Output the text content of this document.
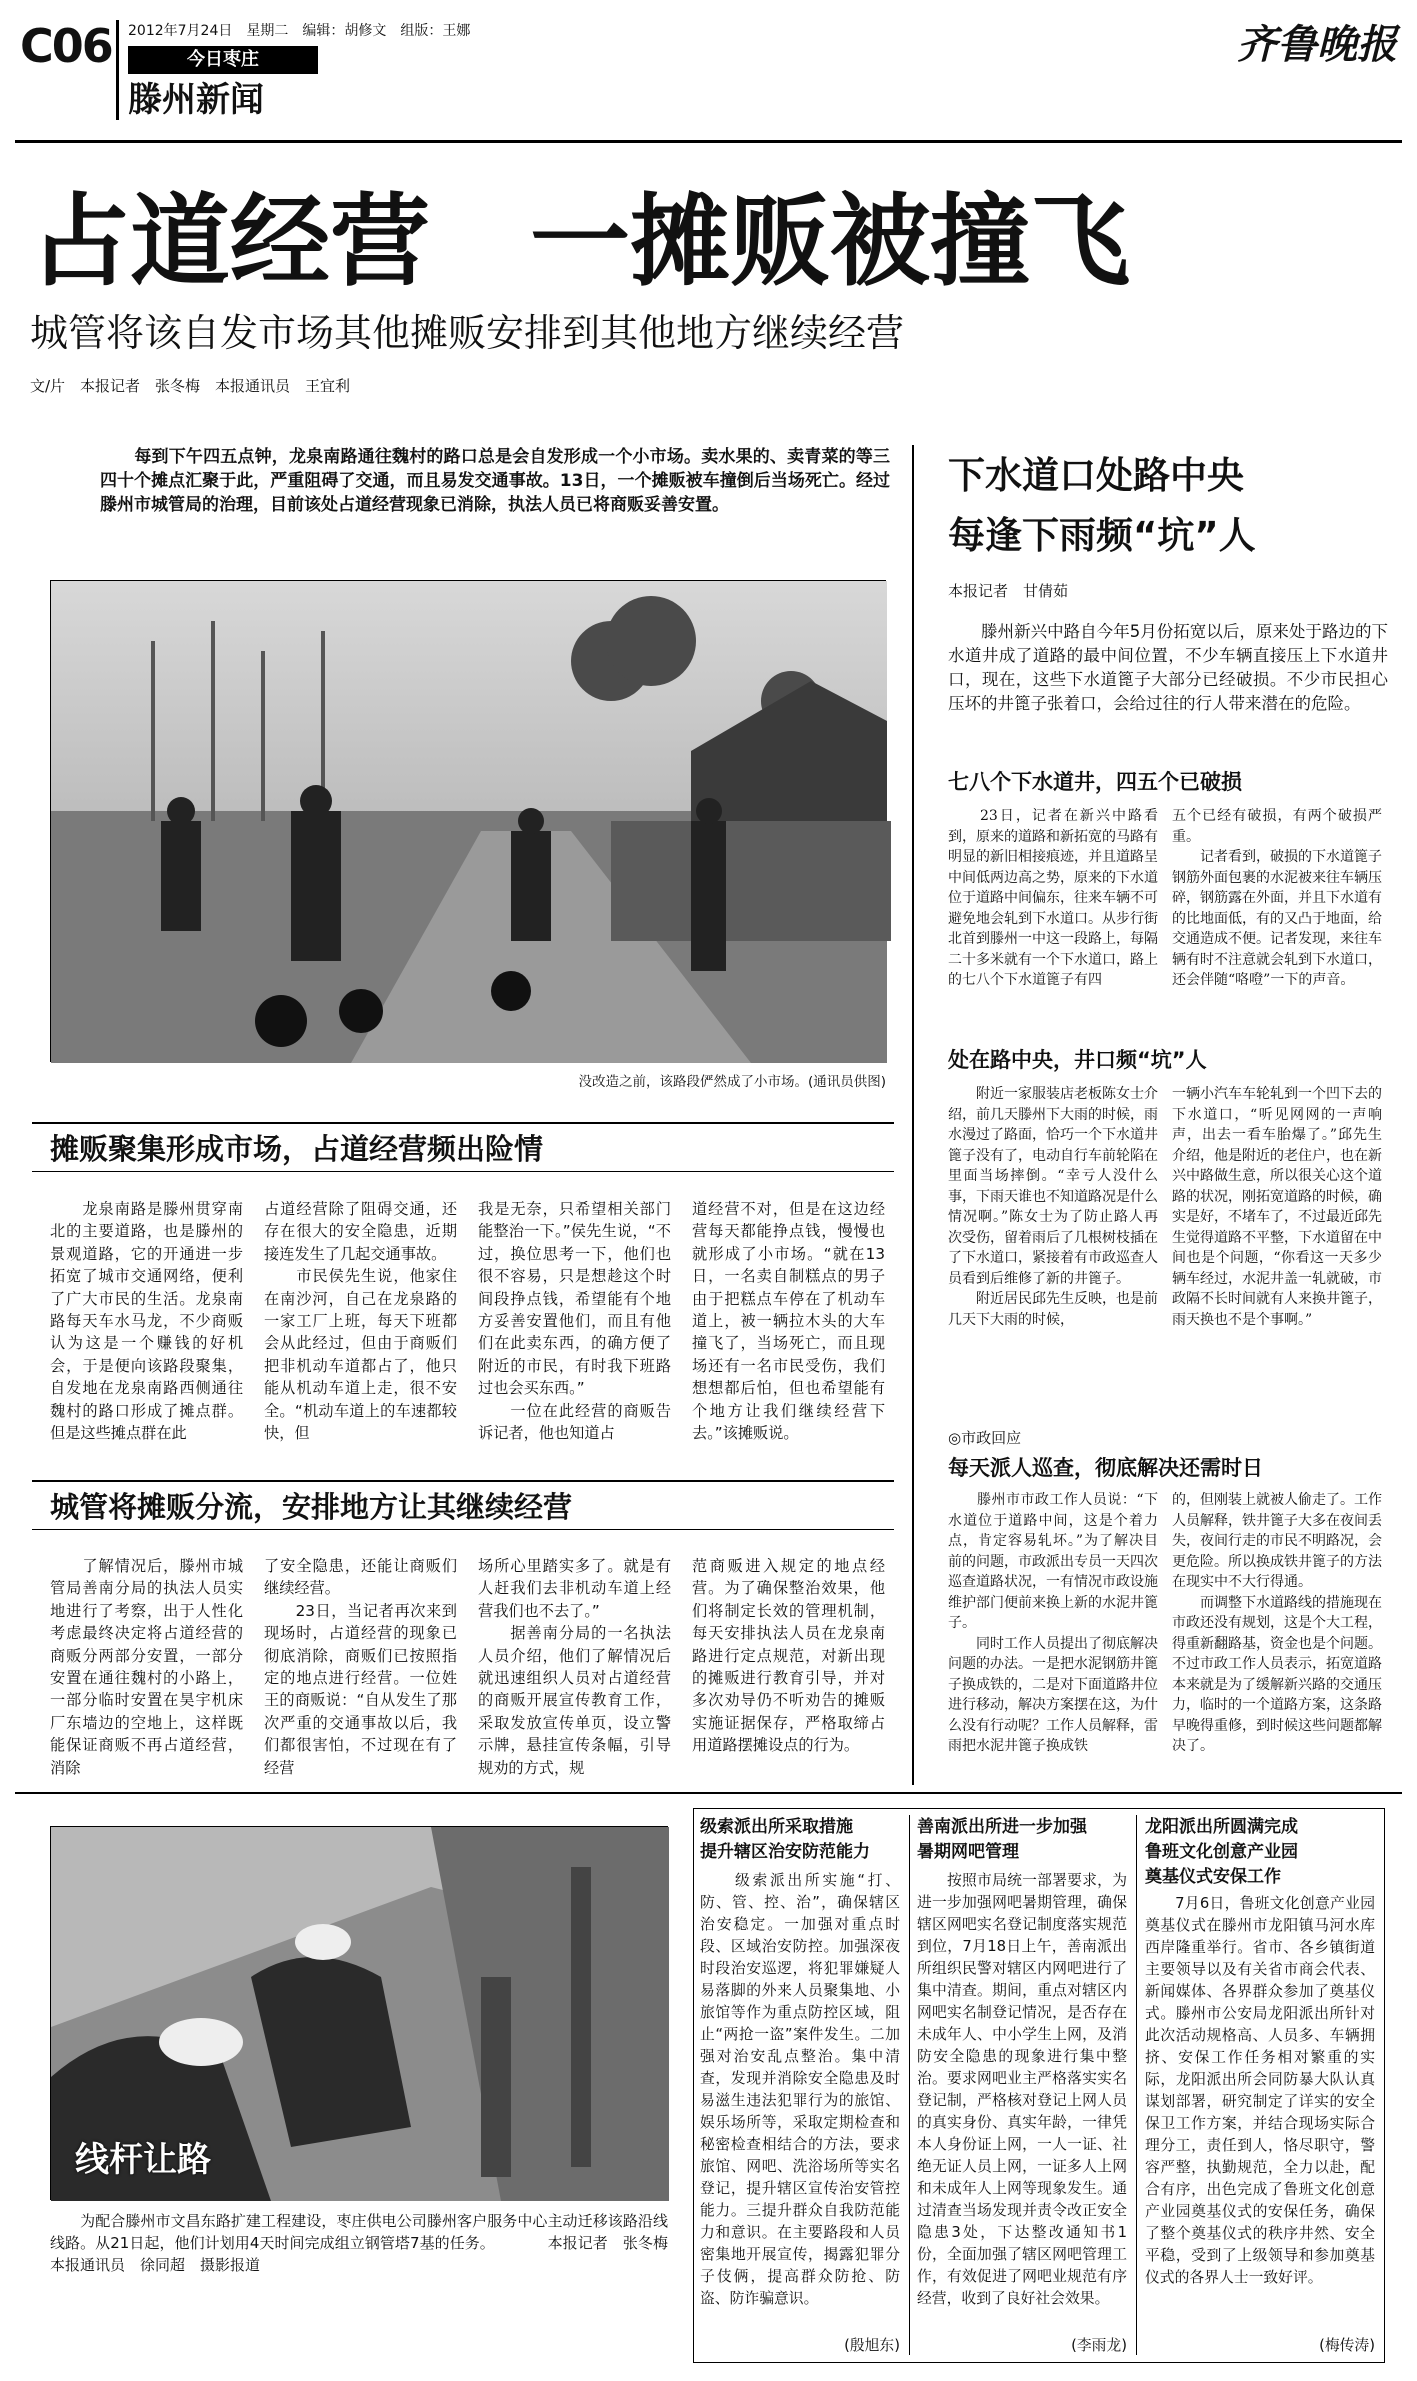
C06 2012年7月24日　星期二　编辑：胡修文　组版：王娜
今日枣庄
滕州新闻
齐鲁晚报
占道经营　一摊贩被撞飞
城管将该自发市场其他摊贩安排到其他地方继续经营
文/片　本报记者　张冬梅　本报通讯员　王宜利
　　每到下午四五点钟，龙泉南路通往魏村的路口总是会自发形成一个小市场。卖水果的、卖青菜的等三四十个摊点汇聚于此，严重阻碍了交通，而且易发交通事故。13日，一个摊贩被车撞倒后当场死亡。经过滕州市城管局的治理，目前该处占道经营现象已消除，执法人员已将商贩妥善安置。
没改造之前，该路段俨然成了小市场。(通讯员供图)
摊贩聚集形成市场，占道经营频出险情
　　龙泉南路是滕州贯穿南北的主要道路，也是滕州的景观道路，它的开通进一步拓宽了城市交通网络，便利了广大市民的生活。龙泉南路每天车水马龙，不少商贩认为这是一个赚钱的好机会，于是便向该路段聚集，自发地在龙泉南路西侧通往魏村的路口形成了摊点群。但是这些摊点群在此
占道经营除了阻碍交通，还存在很大的安全隐患，近期接连发生了几起交通事故。
　　市民侯先生说，他家住在南沙河，自己在龙泉路的一家工厂上班，每天下班都会从此经过，但由于商贩们把非机动车道都占了，他只能从机动车道上走，很不安全。“机动车道上的车速都较快，但
我是无奈，只希望相关部门能整治一下。”侯先生说，“不过，换位思考一下，他们也很不容易，只是想趁这个时间段挣点钱，希望能有个地方妥善安置他们，而且有他们在此卖东西，的确方便了附近的市民，有时我下班路过也会买东西。”
　　一位在此经营的商贩告诉记者，他也知道占
道经营不对，但是在这边经营每天都能挣点钱，慢慢也就形成了小市场。“就在13日，一名卖自制糕点的男子由于把糕点车停在了机动车道上，被一辆拉木头的大车撞飞了，当场死亡，而且现场还有一名市民受伤，我们想想都后怕，但也希望能有个地方让我们继续经营下去。”该摊贩说。
城管将摊贩分流，安排地方让其继续经营
　　了解情况后，滕州市城管局善南分局的执法人员实地进行了考察，出于人性化考虑最终决定将占道经营的商贩分两部分安置，一部分安置在通往魏村的小路上，一部分临时安置在昊宇机床厂东墙边的空地上，这样既能保证商贩不再占道经营，消除
了安全隐患，还能让商贩们继续经营。
　　23日，当记者再次来到现场时，占道经营的现象已彻底消除，商贩们已按照指定的地点进行经营。一位姓王的商贩说：“自从发生了那次严重的交通事故以后，我们都很害怕，不过现在有了经营
场所心里踏实多了。就是有人赶我们去非机动车道上经营我们也不去了。”
　　据善南分局的一名执法人员介绍，他们了解情况后就迅速组织人员对占道经营的商贩开展宣传教育工作，采取发放宣传单页，设立警示牌，悬挂宣传条幅，引导规劝的方式，规
范商贩进入规定的地点经营。为了确保整治效果，他们将制定长效的管理机制，每天安排执法人员在龙泉南路进行定点规范，对新出现的摊贩进行教育引导，并对多次劝导仍不听劝告的摊贩实施证据保存，严格取缔占用道路摆摊设点的行为。
下水道口处路中央
每逢下雨频“坑”人
本报记者　甘倩茹
　　滕州新兴中路自今年5月份拓宽以后，原来处于路边的下水道井成了道路的最中间位置，不少车辆直接压上下水道井口，现在，这些下水道篦子大部分已经破损。不少市民担心压坏的井篦子张着口，会给过往的行人带来潜在的危险。
七八个下水道井，四五个已破损
　　23日，记者在新兴中路看到，原来的道路和新拓宽的马路有明显的新旧相接痕迹，并且道路呈中间低两边高之势，原来的下水道位于道路中间偏东，往来车辆不可避免地会轧到下水道口。从步行街北首到滕州一中这一段路上，每隔二十多米就有一个下水道口，路上的七八个下水道篦子有四
五个已经有破损，有两个破损严重。
　　记者看到，破损的下水道篦子钢筋外面包裹的水泥被来往车辆压碎，钢筋露在外面，并且下水道有的比地面低，有的又凸于地面，给交通造成不便。记者发现，来往车辆有时不注意就会轧到下水道口，还会伴随“咯噔”一下的声音。
处在路中央，井口频“坑”人
　　附近一家服装店老板陈女士介绍，前几天滕州下大雨的时候，雨水漫过了路面，恰巧一个下水道井篦子没有了，电动自行车前轮陷在里面当场摔倒。“幸亏人没什么事，下雨天谁也不知道路况是什么情况啊。”陈女士为了防止路人再次受伤，留着雨后了几根树枝插在了下水道口，紧接着有市政巡查人员看到后维修了新的井篦子。
　　附近居民邱先生反映，也是前几天下大雨的时候，
一辆小汽车车轮轧到一个凹下去的下水道口，“听见网网的一声响声，出去一看车胎爆了。”邱先生介绍，他是附近的老住户，也在新兴中路做生意，所以很关心这个道路的状况，刚拓宽道路的时候，确实是好，不堵车了，不过最近邱先生觉得道路不平整，下水道留在中间也是个问题，“你看这一天多少辆车经过，水泥井盖一轧就破，市政隔不长时间就有人来换井篦子，雨天换也不是个事啊。”
◎市政回应
每天派人巡查，彻底解决还需时日
　　滕州市市政工作人员说：“下水道位于道路中间，这是个着力点，肯定容易轧坏。”为了解决目前的问题，市政派出专员一天四次巡查道路状况，一有情况市政设施维护部门便前来换上新的水泥井篦子。
　　同时工作人员提出了彻底解决问题的办法。一是把水泥钢筋井篦子换成铁的，二是对下面道路井位进行移动，解决方案摆在这，为什么没有行动呢？工作人员解释，雷雨把水泥井篦子换成铁
的，但刚装上就被人偷走了。工作人员解释，铁井篦子大多在夜间丢失，夜间行走的市民不明路况，会更危险。所以换成铁井篦子的方法在现实中不大行得通。
　　而调整下水道路线的措施现在市政还没有规划，这是个大工程，得重新翻路基，资金也是个问题。不过市政工作人员表示，拓宽道路本来就是为了缓解新兴路的交通压力，临时的一个道路方案，这条路早晚得重修，到时候这些问题都解决了。
线杆让路
　　为配合滕州市文昌东路扩建工程建设，枣庄供电公司滕州客户服务中心主动迁移该路沿线线路。从21日起，他们计划用4天时间完成组立钢管塔7基的任务。　　　　本报记者　张冬梅　本报通讯员　徐同超　摄影报道
级索派出所采取措施
提升辖区治安防范能力
　　级索派出所实施“打、防、管、控、治”，确保辖区治安稳定。一加强对重点时段、区域治安防控。加强深夜时段治安巡逻，将犯罪嫌疑人易落脚的外来人员聚集地、小旅馆等作为重点防控区域，阻止“两抢一盗”案件发生。二加强对治安乱点整治。集中清查，发现并消除安全隐患及时易滋生违法犯罪行为的旅馆、娱乐场所等，采取定期检查和秘密检查相结合的方法，要求旅馆、网吧、洗浴场所等实名登记，提升辖区宣传治安管控能力。三提升群众自我防范能力和意识。在主要路段和人员密集地开展宣传，揭露犯罪分子伎俩，提高群众防抢、防盗、防诈骗意识。
(殷旭东)
善南派出所进一步加强
暑期网吧管理
　　按照市局统一部署要求，为进一步加强网吧暑期管理，确保辖区网吧实名登记制度落实规范到位，7月18日上午，善南派出所组织民警对辖区内网吧进行了集中清查。期间，重点对辖区内网吧实名制登记情况，是否存在未成年人、中小学生上网，及消防安全隐患的现象进行集中整治。要求网吧业主严格落实实名登记制，严格核对登记上网人员的真实身份、真实年龄，一律凭本人身份证上网，一人一证、社绝无证人员上网，一证多人上网和未成年人上网等现象发生。通过清查当场发现并责令改正安全隐患3处，下达整改通知书1份，全面加强了辖区网吧管理工作，有效促进了网吧业规范有序经营，收到了良好社会效果。
(李雨龙)
龙阳派出所圆满完成
鲁班文化创意产业园
奠基仪式安保工作
　　7月6日，鲁班文化创意产业园奠基仪式在滕州市龙阳镇马河水库西岸隆重举行。省市、各乡镇街道主要领导以及有关省市商会代表、新闻媒体、各界群众参加了奠基仪式。滕州市公安局龙阳派出所针对此次活动规格高、人员多、车辆拥挤、安保工作任务相对繁重的实际，龙阳派出所会同防暴大队认真谋划部署，研究制定了详实的安全保卫工作方案，并结合现场实际合理分工，责任到人，恪尽职守，警容严整，执勤规范，全力以赴，配合有序，出色完成了鲁班文化创意产业园奠基仪式的安保任务，确保了整个奠基仪式的秩序井然、安全平稳，受到了上级领导和参加奠基仪式的各界人士一致好评。
(梅传涛)
